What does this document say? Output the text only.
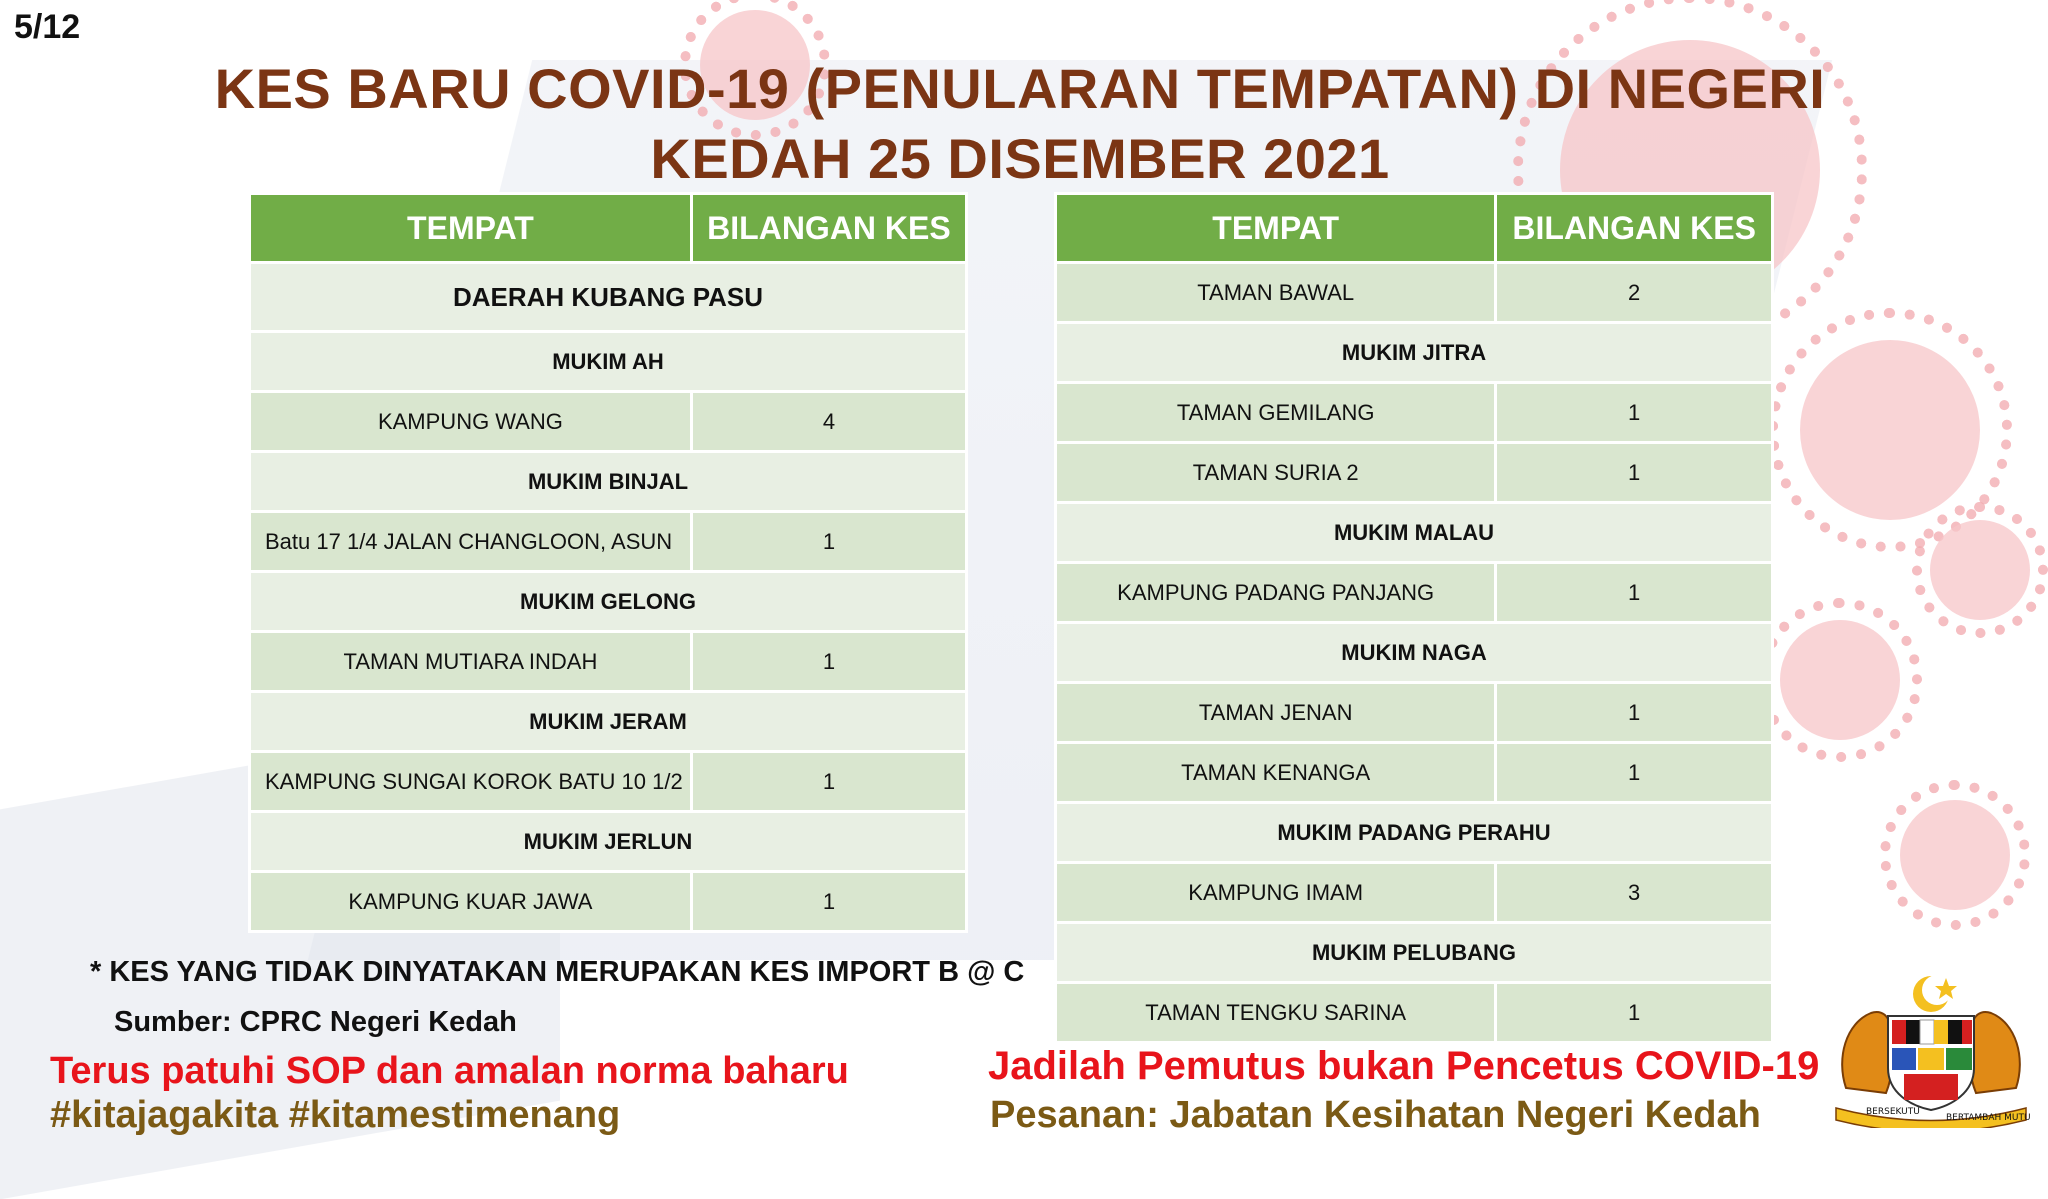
5/12
KES BARU COVID-19 (PENULARAN TEMPATAN) DI NEGERI
KEDAH 25 DISEMBER 2021
TEMPAT	BILANGAN KES
DAERAH KUBANG PASU	
MUKIM AH	
KAMPUNG WANG	4
MUKIM BINJAL	
Batu 17 1/4 JALAN CHANGLOON, ASUN	1
MUKIM GELONG	
TAMAN MUTIARA INDAH	1
MUKIM JERAM	
KAMPUNG SUNGAI KOROK BATU 10 1/2	1
MUKIM JERLUN	
KAMPUNG KUAR JAWA	1
TEMPAT	BILANGAN KES
TAMAN BAWAL	2
MUKIM JITRA	
TAMAN GEMILANG	1
TAMAN SURIA 2	1
MUKIM MALAU	
KAMPUNG PADANG PANJANG	1
MUKIM NAGA	
TAMAN JENAN	1
TAMAN KENANGA	1
MUKIM PADANG PERAHU	
KAMPUNG IMAM	3
MUKIM PELUBANG	
TAMAN TENGKU SARINA	1
* KES YANG TIDAK DINYATAKAN MERUPAKAN KES IMPORT B @ C
Sumber: CPRC Negeri Kedah
Terus patuhi SOP dan amalan norma baharu
#kitajagakita #kitamestimenang
Jadilah Pemutus bukan Pencetus COVID-19
Pesanan: Jabatan Kesihatan Negeri Kedah	BERSEKUTU
BERTAMBAH MUTU
